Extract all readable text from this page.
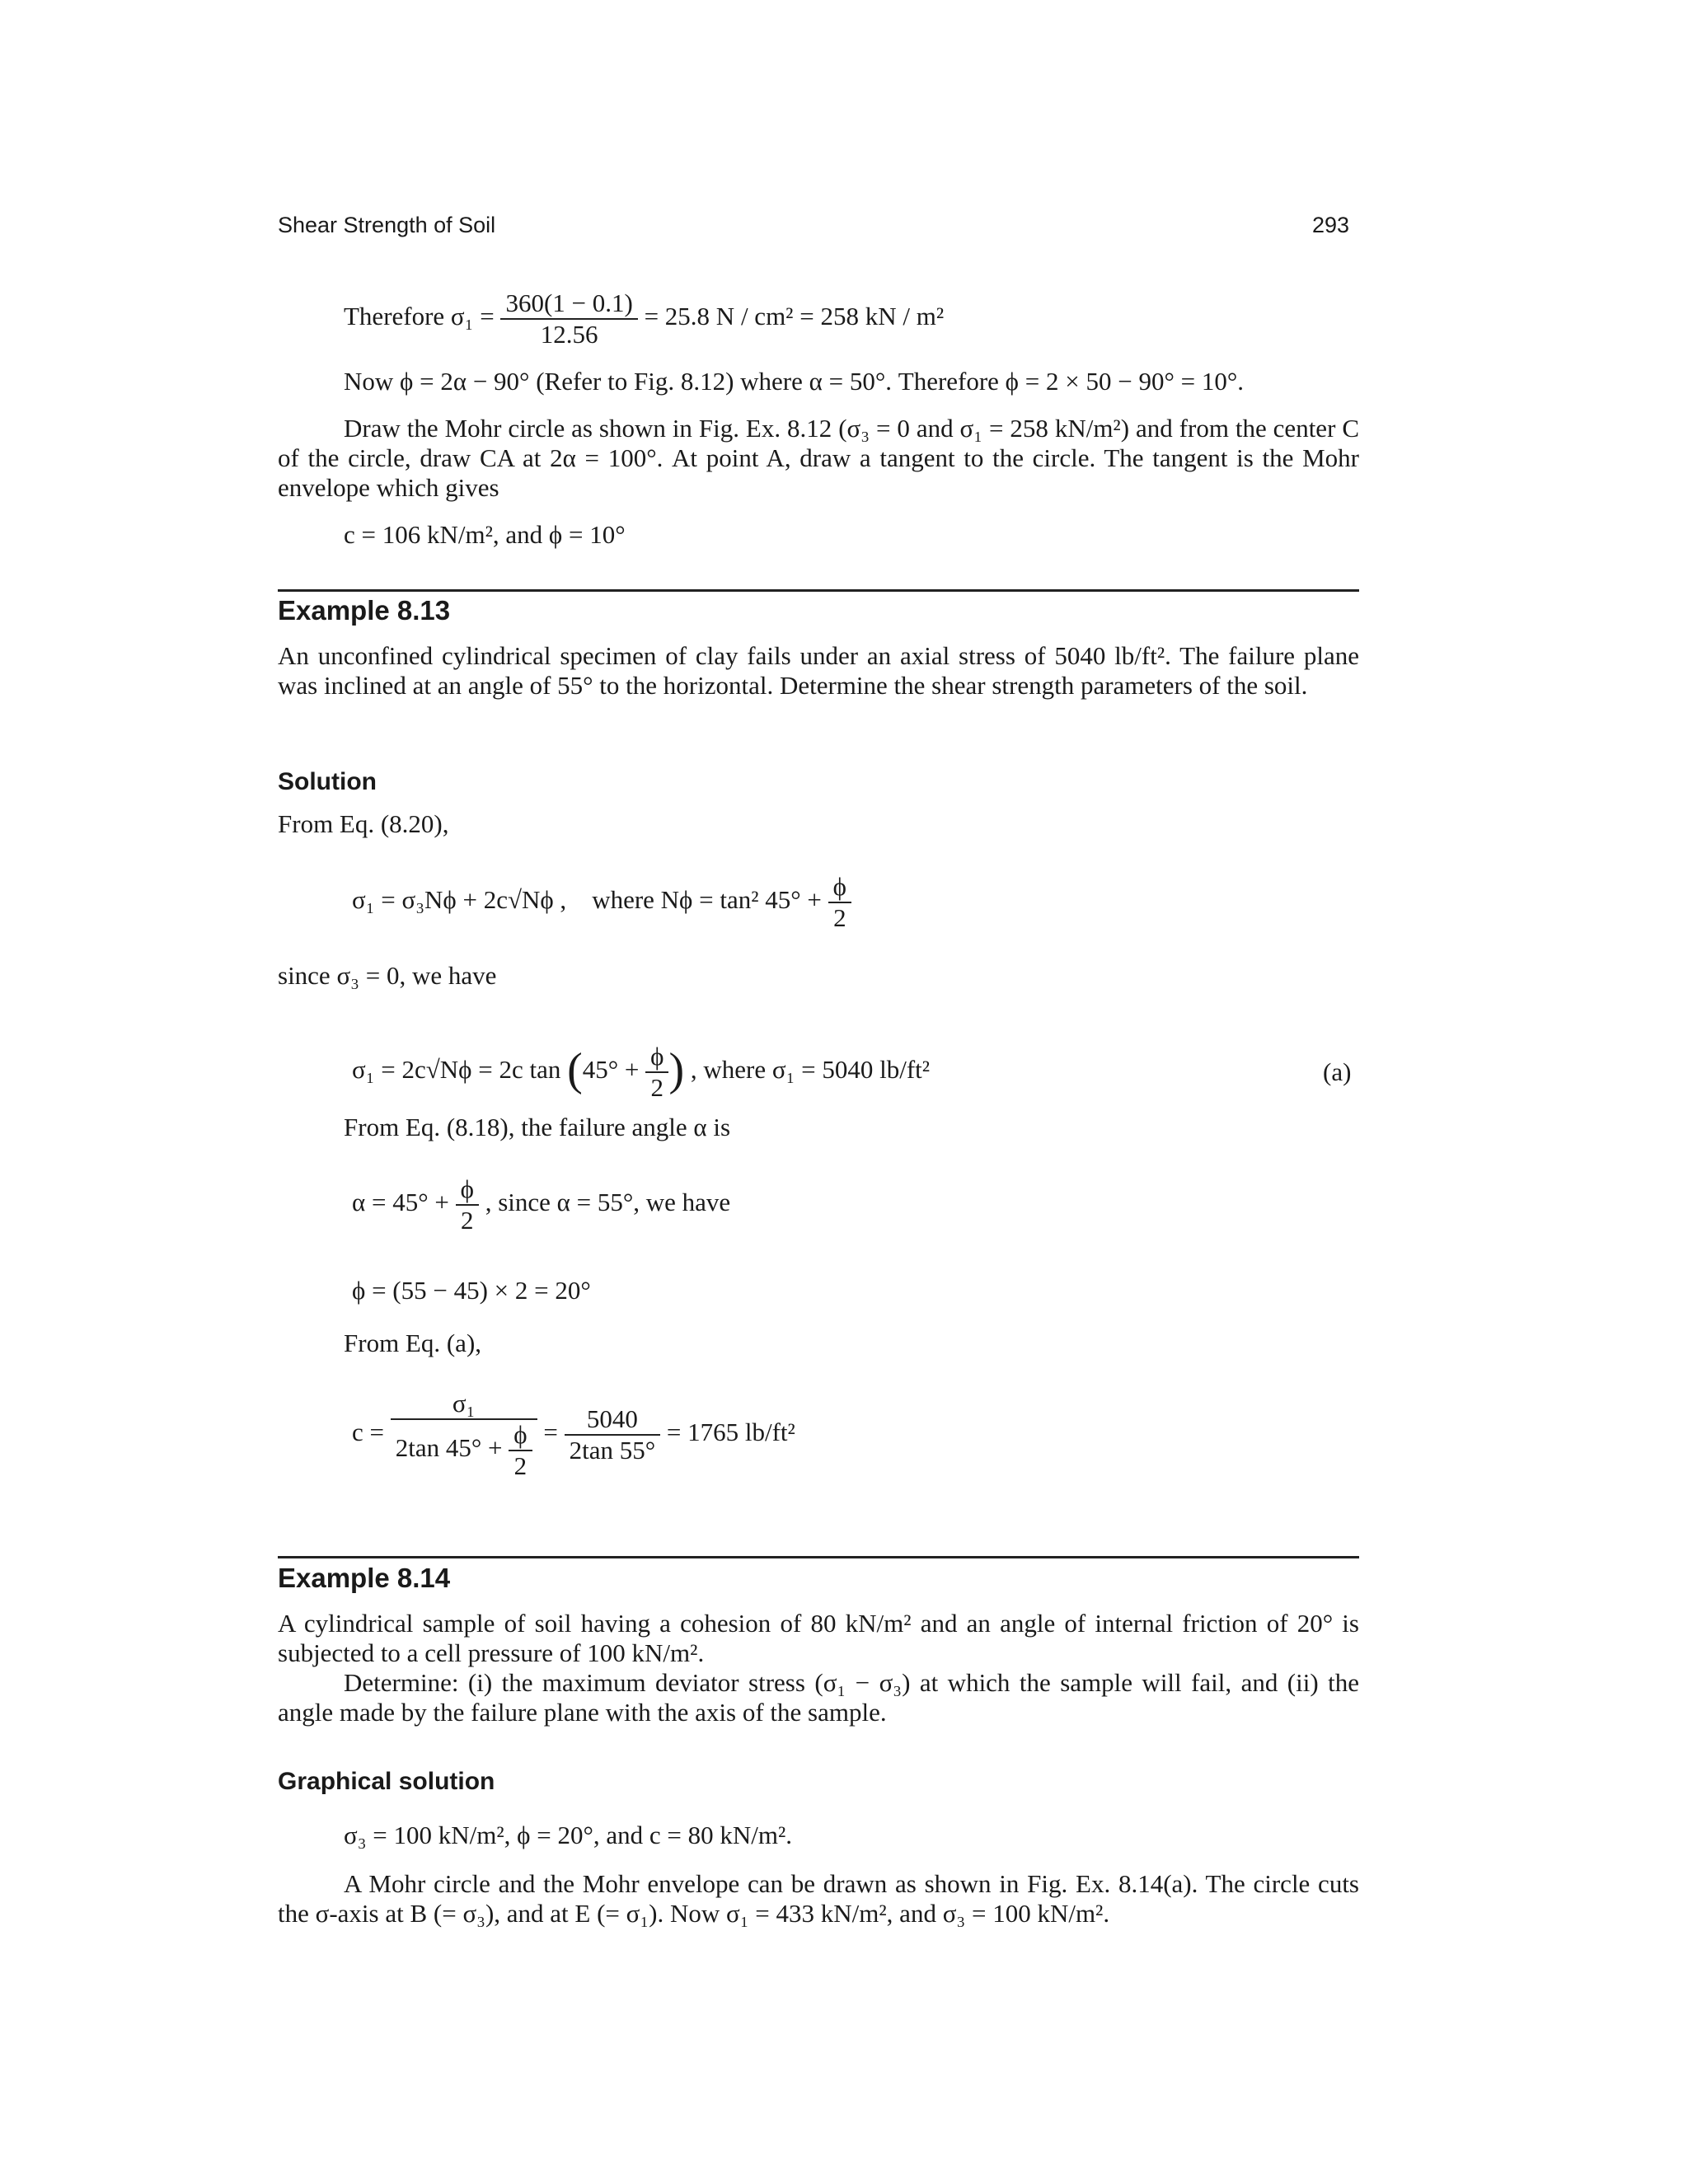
Shear Strength of Soil	293
Therefore $\sigma_1 = \frac{360(1 - 0.1)}{12.56} = 25.8$ N / cm² = 258 kN / m²
Now ϕ = 2α − 90° (Refer to Fig. 8.12) where α = 50°. Therefore ϕ = 2 × 50 − 90° = 10°.
Draw the Mohr circle as shown in Fig. Ex. 8.12 (σ₃ = 0 and σ₁ = 258 kN/m²) and from the center C of the circle, draw CA at 2α = 100°. At point A, draw a tangent to the circle. The tangent is the Mohr envelope which gives
c = 106 kN/m², and ϕ = 10°
Example 8.13
An unconfined cylindrical specimen of clay fails under an axial stress of 5040 lb/ft². The failure plane was inclined at an angle of 55° to the horizontal. Determine the shear strength parameters of the soil.
Solution
From Eq. (8.20),
σ₁ = σ₃Nϕ + 2c√Nϕ , where Nϕ = tan² $45^\circ + \frac{\phi}{2}$
since σ₃ = 0, we have
σ₁ = 2c√Nϕ = 2c $\tan (45^\circ + \frac{\phi}{2}$ ) , where σ₁ = 5040 lb/ft²	(a)
From Eq. (8.18), the failure angle α is
$\alpha = 45^\circ + \frac{\phi}{2}$ , since α = 55°, we have
ϕ = (55 − 45) × 2 = 20°
From Eq. (a),
$c = \frac{\text{σ₁}}{2\tan 45^\circ + \frac{\phi}{2}} = \frac{5040}{2\tan 55^\circ} = 1765$ lb/ft²
Example 8.14
A cylindrical sample of soil having a cohesion of 80 kN/m² and an angle of internal friction of 20° is subjected to a cell pressure of 100 kN/m².
Determine: (i) the maximum deviator stress (σ₁ − σ₃) at which the sample will fail, and (ii) the angle made by the failure plane with the axis of the sample.
Graphical solution
σ₃ = 100 kN/m², ϕ = 20°, and c = 80 kN/m².
A Mohr circle and the Mohr envelope can be drawn as shown in Fig. Ex. 8.14(a). The circle cuts the σ-axis at B (= σ₃), and at E (= σ₁). Now σ₁ = 433 kN/m², and σ₃ = 100 kN/m².
